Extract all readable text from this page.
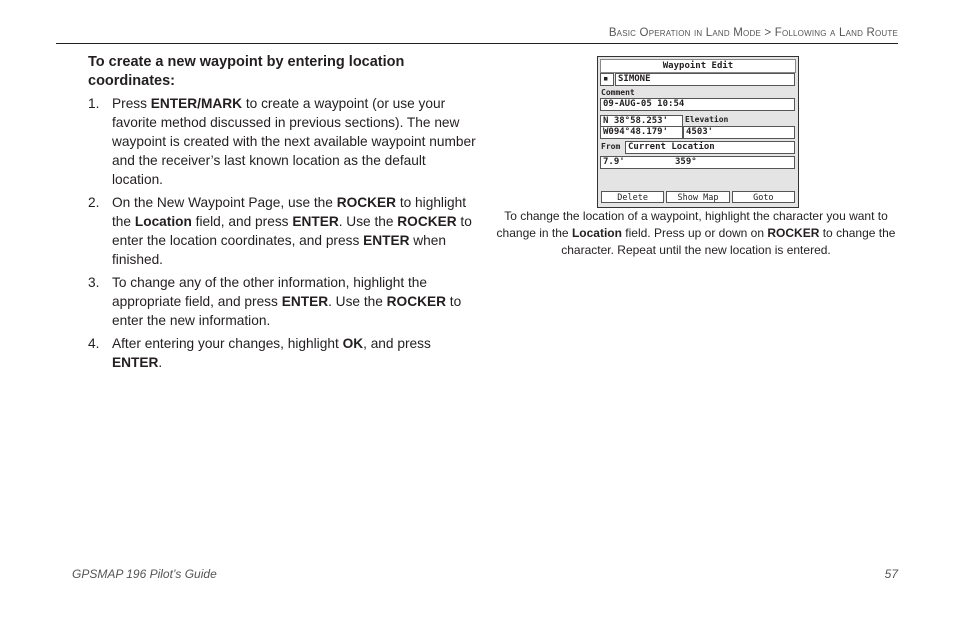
Basic Operation in Land Mode > Following a Land Route
To create a new waypoint by entering location coordinates:
1. Press ENTER/MARK to create a waypoint (or use your favorite method discussed in previous sections). The new waypoint is created with the next available waypoint number and the receiver’s last known location as the default location.
2. On the New Waypoint Page, use the ROCKER to highlight the Location field, and press ENTER. Use the ROCKER to enter the location coordinates, and press ENTER when finished.
3. To change any of the other information, highlight the appropriate field, and press ENTER. Use the ROCKER to enter the new information.
4. After entering your changes, highlight OK, and press ENTER.
Waypoint Edit
▪	SIMONE
Comment
09-AUG-05 10:54
N 38°58.253'
W094°48.179'
Elevation
4503'
From Current Location
7.9'	359°
Delete	Show Map	Goto
To change the location of a waypoint, highlight the character you want to change in the Location field. Press up or down on ROCKER to change the character. Repeat until the new location is entered.
GPSMAP 196 Pilot’s Guide	57
